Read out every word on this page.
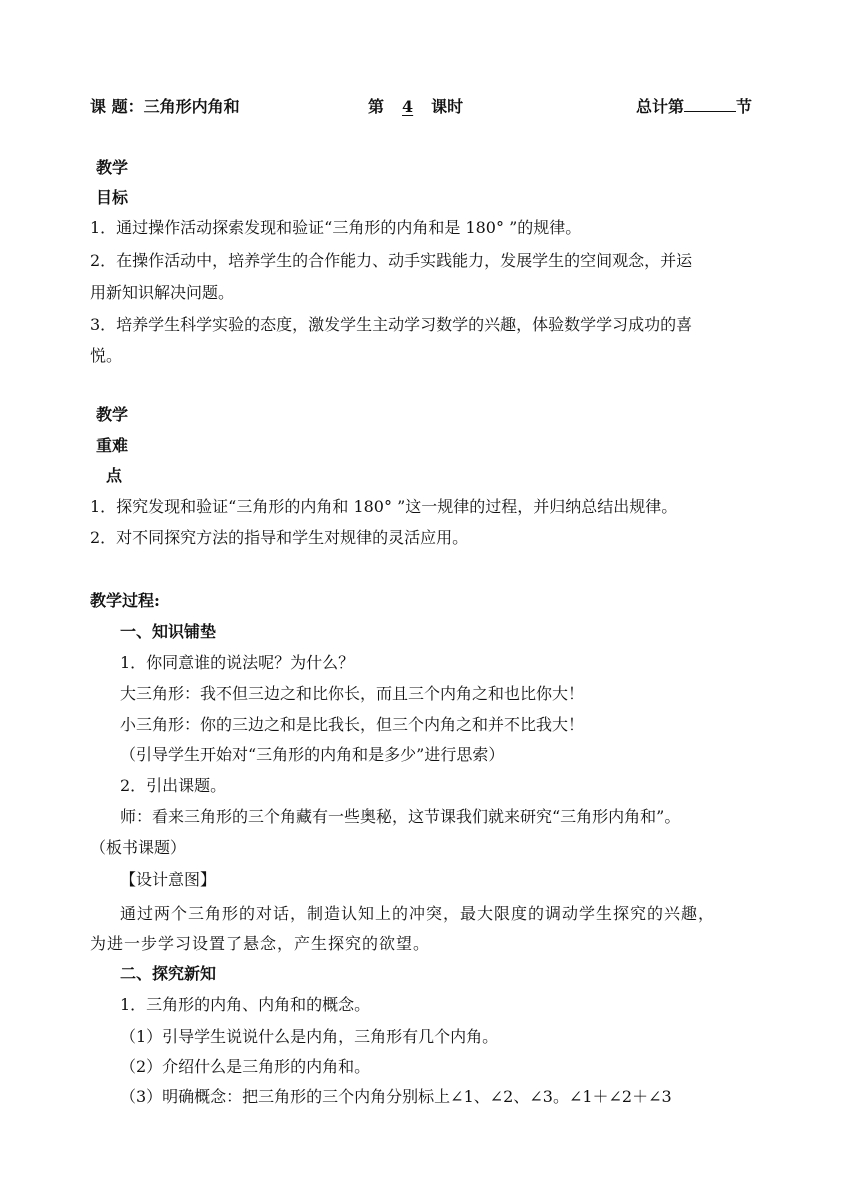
课 题：三角形内角和	第 4 课时	总计第	节
教学
目标
1．通过操作活动探索发现和验证“三角形的内角和是 180° ”的规律。
2．在操作活动中，培养学生的合作能力、动手实践能力，发展学生的空间观念，并运
用新知识解决问题。
3．培养学生科学实验的态度，激发学生主动学习数学的兴趣，体验数学学习成功的喜
悦。
教学
重难
点
1．探究发现和验证“三角形的内角和 180° ”这一规律的过程，并归纳总结出规律。
2．对不同探究方法的指导和学生对规律的灵活应用。
教学过程:
一、知识铺垫
1．你同意谁的说法呢？为什么？
大三角形：我不但三边之和比你长，而且三个内角之和也比你大！
小三角形：你的三边之和是比我长，但三个内角之和并不比我大！
（引导学生开始对“三角形的内角和是多少”进行思索）
2．引出课题。
师：看来三角形的三个角藏有一些奥秘，这节课我们就来研究“三角形内角和”。
（板书课题）
【设计意图】
通过两个三角形的对话，制造认知上的冲突，最大限度的调动学生探究的兴趣，
为进一步学习设置了悬念，产生探究的欲望。
二、探究新知
1．三角形的内角、内角和的概念。
（1）引导学生说说什么是内角，三角形有几个内角。
（2）介绍什么是三角形的内角和。
（3）明确概念：把三角形的三个内角分别标上∠1、∠2、∠3。∠1＋∠2＋∠3
